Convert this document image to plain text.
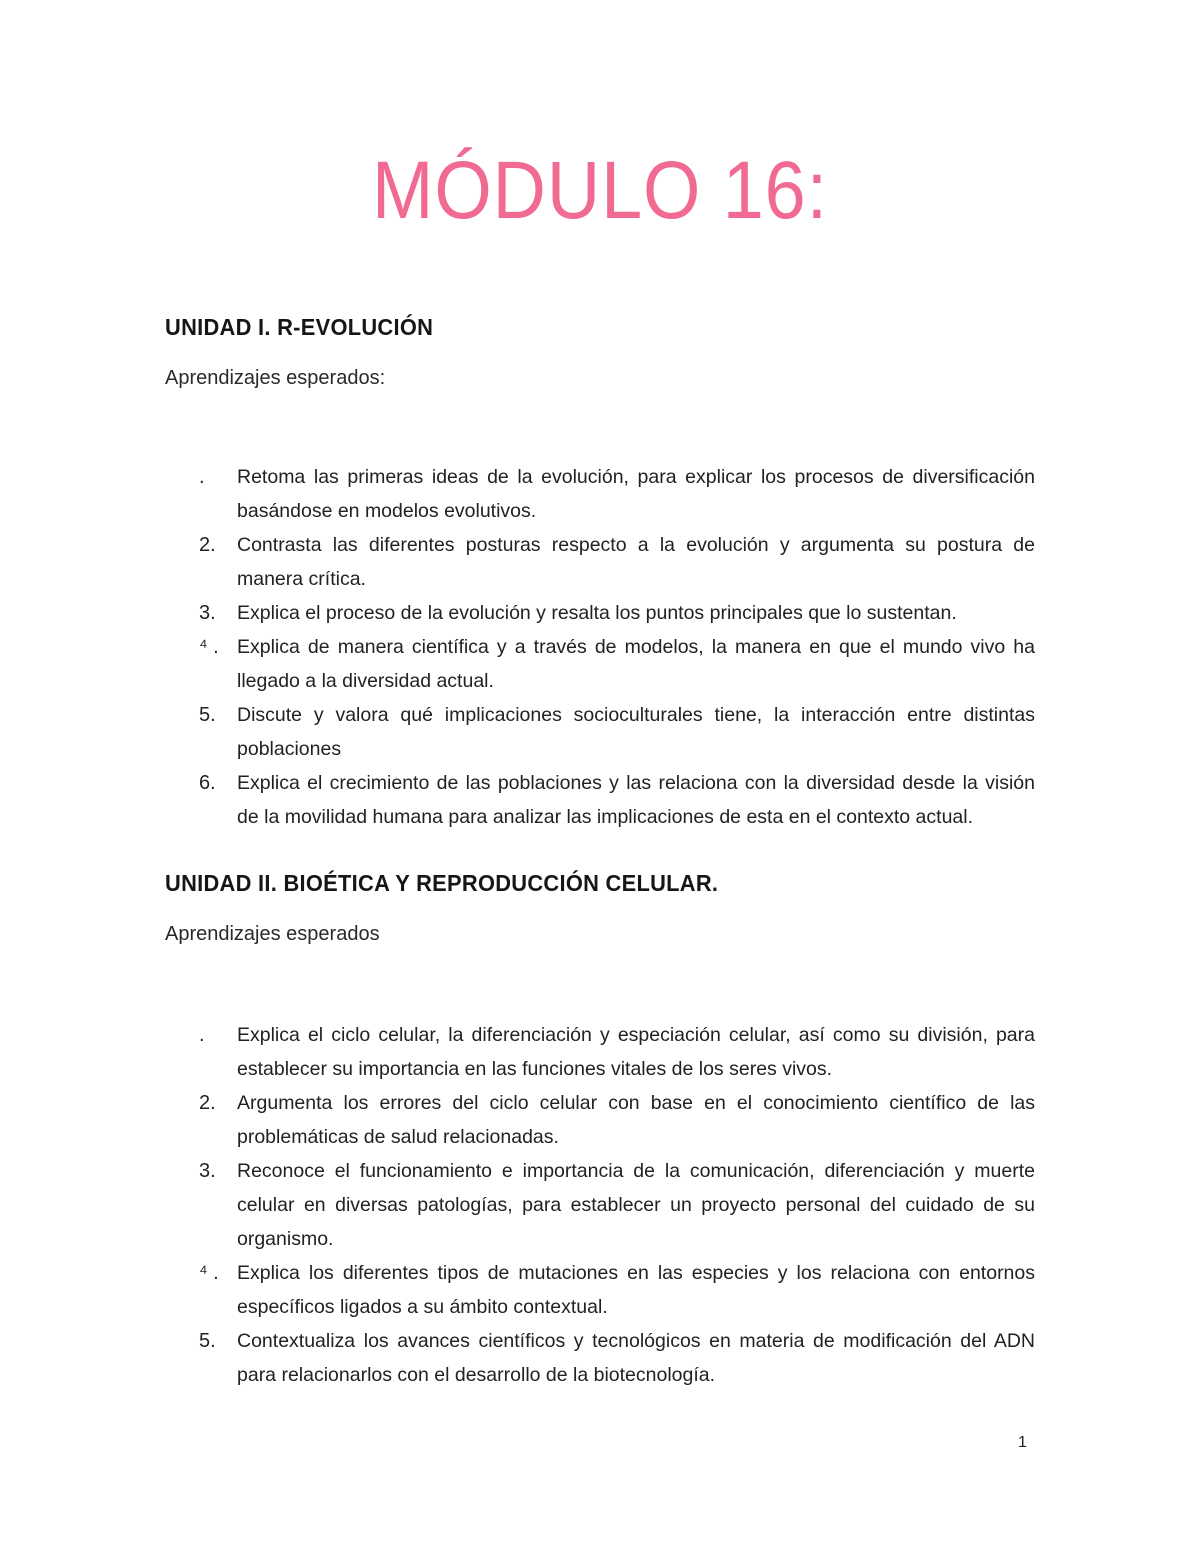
MÓDULO 16:
UNIDAD I. R-EVOLUCIÓN

Aprendizajes esperados:

.	Retoma las primeras ideas de la evolución, para explicar los procesos de diversificación basándose en modelos evolutivos.
2.	Contrasta las diferentes posturas respecto a la evolución y argumenta su postura de manera crítica.
3.	Explica el proceso de la evolución y resalta los puntos principales que lo sustentan.
⁴ . Explica de manera científica y a través de modelos, la manera en que el mundo vivo ha llegado a la diversidad actual.
5.	Discute y valora qué implicaciones socioculturales tiene, la interacción entre distintas poblaciones
6.	Explica el crecimiento de las poblaciones y las relaciona con la diversidad desde la visión de la movilidad humana para analizar las implicaciones de esta en el contexto actual.
UNIDAD II. BIOÉTICA Y REPRODUCCIÓN CELULAR.

Aprendizajes esperados

.	Explica el ciclo celular, la diferenciación y especiación celular, así como su división, para establecer su importancia en las funciones vitales de los seres vivos.
2.	Argumenta los errores del ciclo celular con base en el conocimiento científico de las problemáticas de salud relacionadas.
3.	Reconoce el funcionamiento e importancia de la comunicación, diferenciación y muerte celular en diversas patologías, para establecer un proyecto personal del cuidado de su organismo.
⁴ . Explica los diferentes tipos de mutaciones en las especies y los relaciona con entornos específicos ligados a su ámbito contextual.
5.	Contextualiza los avances científicos y tecnológicos en materia de modificación del ADN para relacionarlos con el desarrollo de la biotecnología.
1
